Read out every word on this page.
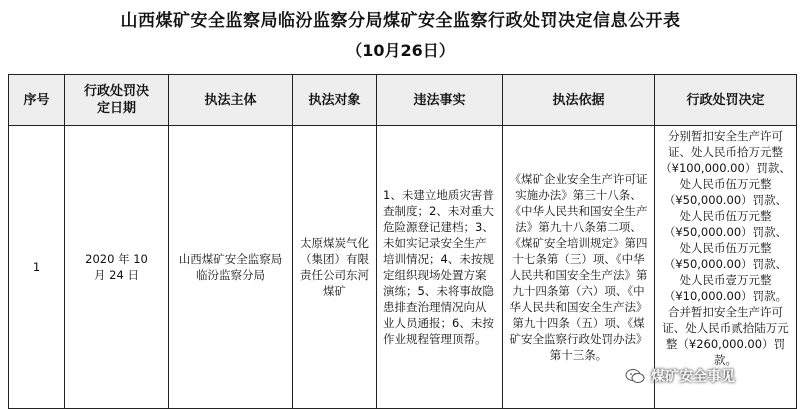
山西煤矿安全监察局临汾监察分局煤矿安全监察行政处罚决定信息公开表
（10月26日）
序号	行政处罚决定日期	执法主体	执法对象	违法事实	执法依据	行政处罚决定
1	2020 年 10 月 24 日	山西煤矿安全监察局临汾监察分局	太原煤炭气化（集团）有限责任公司东河煤矿	1、未建立地质灾害普查制度；2、未对重大危险源登记建档；3、未如实记录安全生产培训情况；4、未按规定组织现场处置方案演练；5、未将事故隐患排查治理情况向从业人员通报；6、未按作业规程管理顶帮。	《煤矿企业安全生产许可证实施办法》第三十八条、《中华人民共和国安全生产法》第九十八条第二项、《煤矿安全培训规定》第四十七条第（三）项、《中华人民共和国安全生产法》第九十四条第（六）项、《中华人民共和国安全生产法》第九十四条（五）项、《煤矿安全监察行政处罚办法》第十三条。	分别暂扣安全生产许可证、处人民币拾万元整（¥100,000.00）罚款、处人民币伍万元整（¥50,000.00）罚款、处人民币伍万元整（¥50,000.00）罚款、处人民币伍万元整（¥50,000.00）罚款、处人民币壹万元整（¥10,000.00）罚款。合并暂扣安全生产许可证、处人民币贰拾陆万元整（¥260,000.00）罚款。
煤矿安全事见
